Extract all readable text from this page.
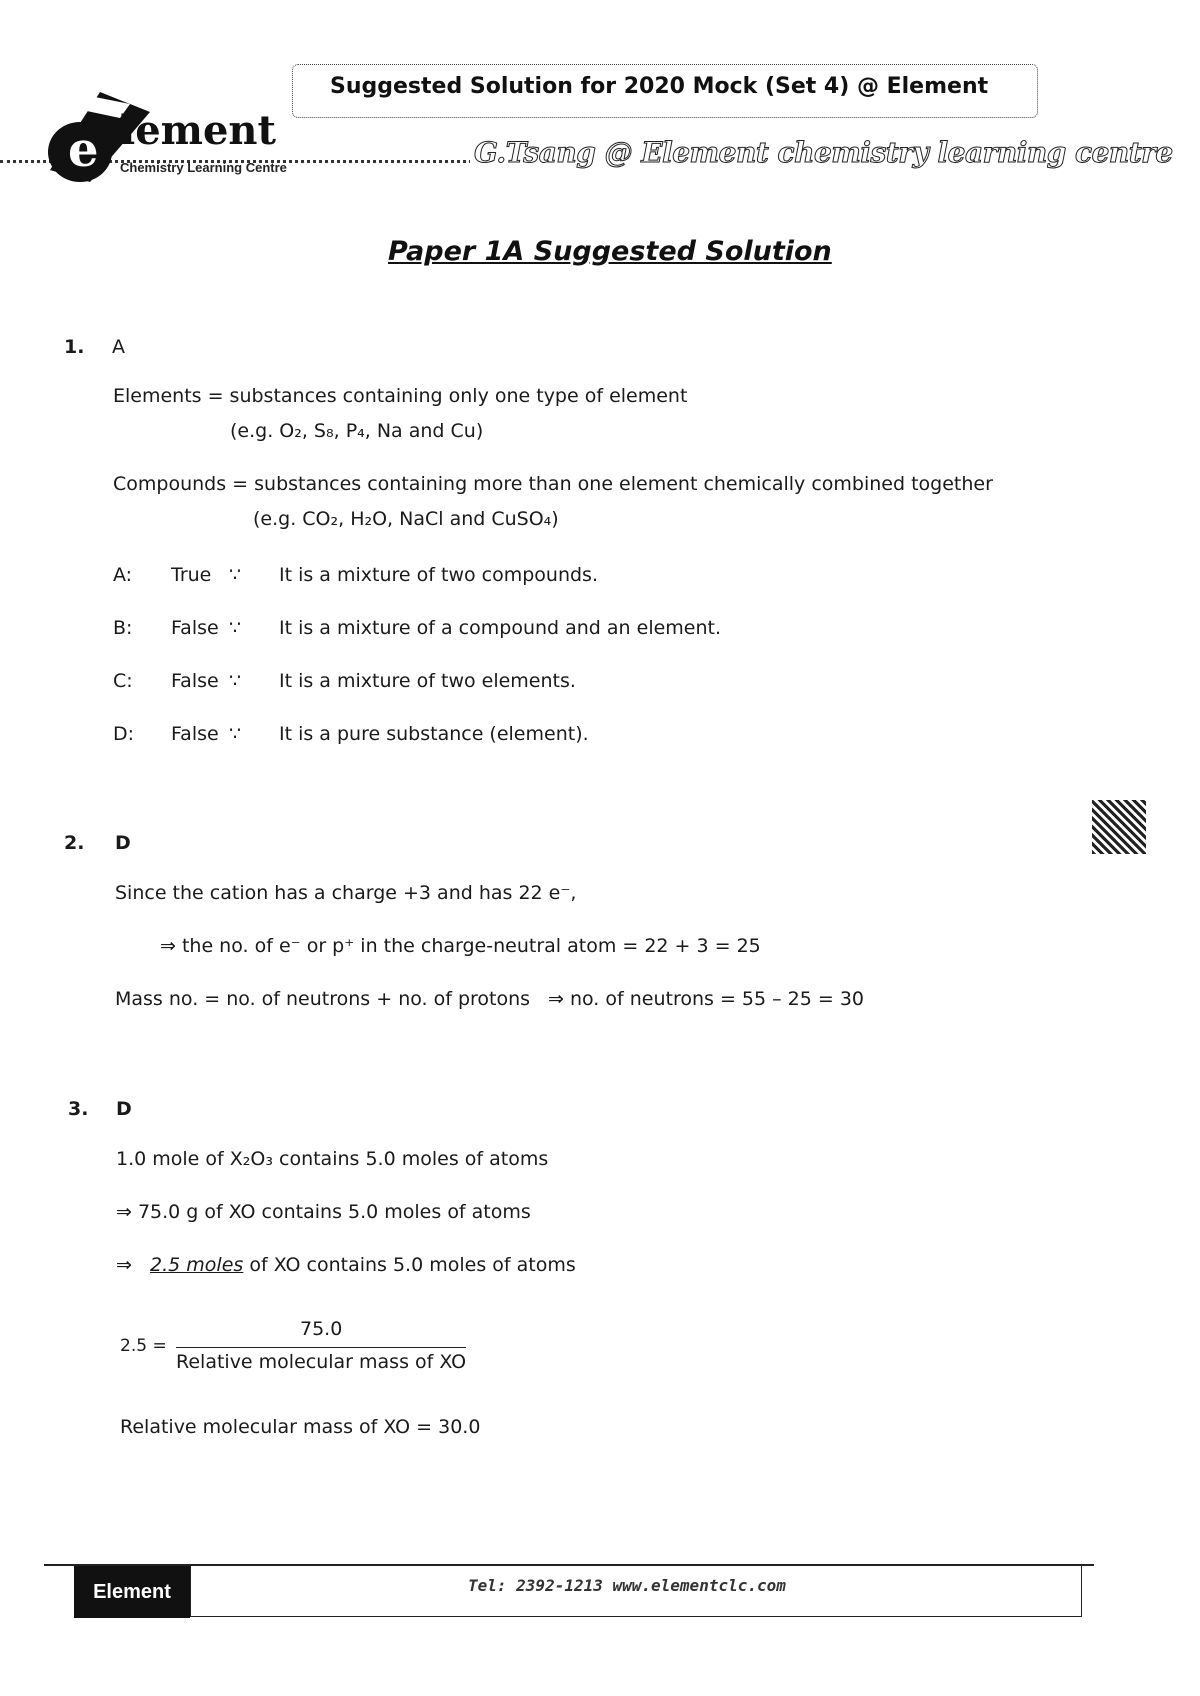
Suggested Solution for 2020 Mock (Set 4) @ Element
e lement
Chemistry Learning Centre	G.Tsang @ Element chemistry learning centre
Paper 1A Suggested Solution
1. A
Elements = substances containing only one type of element
(e.g. O₂, S₈, P₄, Na and Cu)
Compounds = substances containing more than one element chemically combined together
(e.g. CO₂, H₂O, NaCl and CuSO₄)
A: True ∵ It is a mixture of two compounds.
B: False ∵ It is a mixture of a compound and an element.
C: False ∵ It is a mixture of two elements.
D: False ∵ It is a pure substance (element).
2. D
Since the cation has a charge +3 and has 22 e⁻,
⇒ the no. of e⁻ or p⁺ in the charge-neutral atom = 22 + 3 = 25
Mass no. = no. of neutrons + no. of protons ⇒ no. of neutrons = 55 – 25 = 30
3. D
1.0 mole of X₂O₃ contains 5.0 moles of atoms
⇒ 75.0 g of XO contains 5.0 moles of atoms
⇒ 2.5 moles of XO contains 5.0 moles of atoms
2.5 =
75.0
Relative molecular mass of XO
Relative molecular mass of XO = 30.0
Element	Tel: 2392-1213 www.elementclc.com
